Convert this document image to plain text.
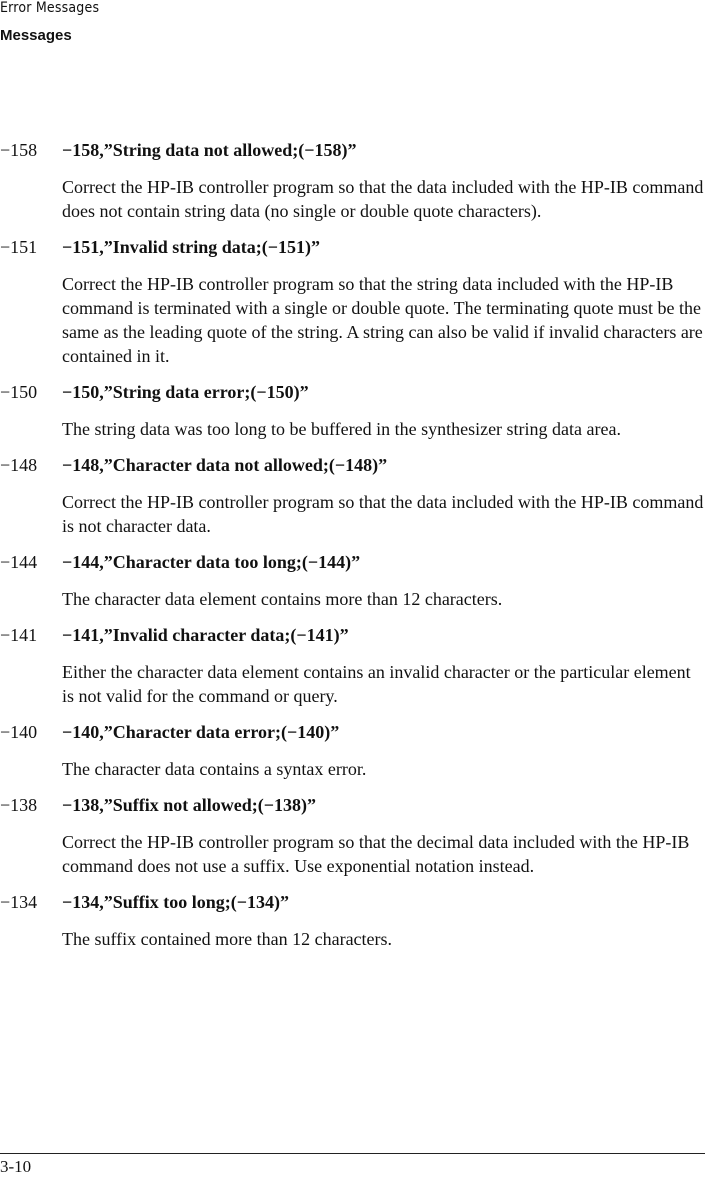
Error Messages
Messages
−158 −158,”String data not allowed;(−158)”
Correct the HP-IB controller program so that the data included with the HP-IB command does not contain string data (no single or double quote characters).
−151 −151,”Invalid string data;(−151)”
Correct the HP-IB controller program so that the string data included with the HP-IB command is terminated with a single or double quote. The terminating quote must be the same as the leading quote of the string. A string can also be valid if invalid characters are contained in it.
−150 −150,”String data error;(−150)”
The string data was too long to be buffered in the synthesizer string data area.
−148 −148,”Character data not allowed;(−148)”
Correct the HP-IB controller program so that the data included with the HP-IB command is not character data.
−144 −144,”Character data too long;(−144)”
The character data element contains more than 12 characters.
−141 −141,”Invalid character data;(−141)”
Either the character data element contains an invalid character or the particular element is not valid for the command or query.
−140 −140,”Character data error;(−140)”
The character data contains a syntax error.
−138 −138,”Suffix not allowed;(−138)”
Correct the HP-IB controller program so that the decimal data included with the HP-IB command does not use a suffix. Use exponential notation instead.
−134 −134,”Suffix too long;(−134)”
The suffix contained more than 12 characters.
3-10
